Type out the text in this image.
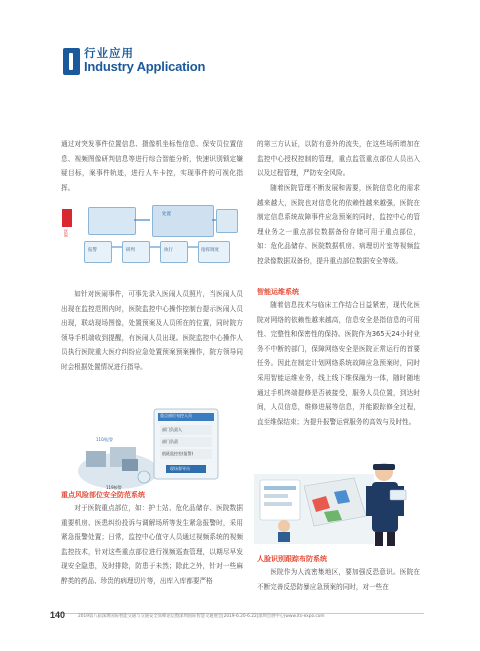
行业应用
Industry Application

通过对突发事件位置信息、摄像机坐标性信息、保安员位置信息、视频图像研判信息等进行综合智能分析，快速识别锁定嫌疑目标，案事件轨迹，进行人车卡控，实现事件的可视化指挥。

医院
报警	研判	执行	指挥调度
处置

如针对医闹事件，可事先录入医闹人员照片，当医闹人员出现在监控范围内时，医院监控中心操作控制台提示医闹人员出现，联动现场图像，处置预案及人员所在的位置，同时院方领导手机端收到提醒，有医闹人员出现。医院监控中心操作人员执行医院重大医疗纠纷应急处置预案预案操作，院方领导同时会根据处置情况进行指导。

重点部位布控人员
部门负责人
部门负责
值班监控室(报警)
现场督导员
110/报警
119接警
重点风险部位安全防范系统

对于医院重点部位，如：护士站、危化品储存、医院数据重要机房、医患纠纷投诉与调解场所等发生紧急报警时，采用紧急报警处置；日常，监控中心值守人员通过视频系统的视频监控技术，针对这些重点部位进行视频巡查管理，以期尽早发现安全隐患，及时排除，防患于未然；除此之外，针对一些麻醉类的药品、珍贵的病理切片等，出库入库都要严格

的第三方认证，以防有意外的流失，在这些场所增加在监控中心授权控制的管理，重点监管重点部位人员出入以及过程管理，严防安全风险。

随着医院管理不断发展和需要，医院信息化的需求越来越大，医院也对信息化的依赖性越来越强，医院在制定信息系统故障事件应急预案的同时，监控中心的管理业务之一重点部位数据备份存储可用于重点部位，如：危化品储存、医院数据机房、病理切片室等视频监控录像数据双备份，提升重点部位数据安全等级。

智能运维系统

随着信息技术与临床工作结合日益紧密，现代化医院对网络的依赖性越来越高，信息安全是指信息的可用性、完整性和保密性的保持。医院作为365天24小时业务不中断的部门，保障网络安全是医院正常运行的首要任务。因此在制定计划网络系统故障应急预案时，同时采用智能运维业务，线上线下维保融为一体，随时随地通过手机终端提修是否被接受，服务人员位置，到达时间，人员信息，维修进展等信息，并能跟踪修全过程，直至维保结束；为提升报警运营服务的高效与及时性。

人脸识别跟踪布防系统

医院作为人流密集地区，要加强反恐意识。医院在不断完善反恐防暴应急预案的同时，对一些在

140	2019第八届深圳国际智能交通与交通安全高峰论坛暨深圳国际智慧交通展会|2019-6.20-6.22|深圳会展中心|www.its-expo.com
